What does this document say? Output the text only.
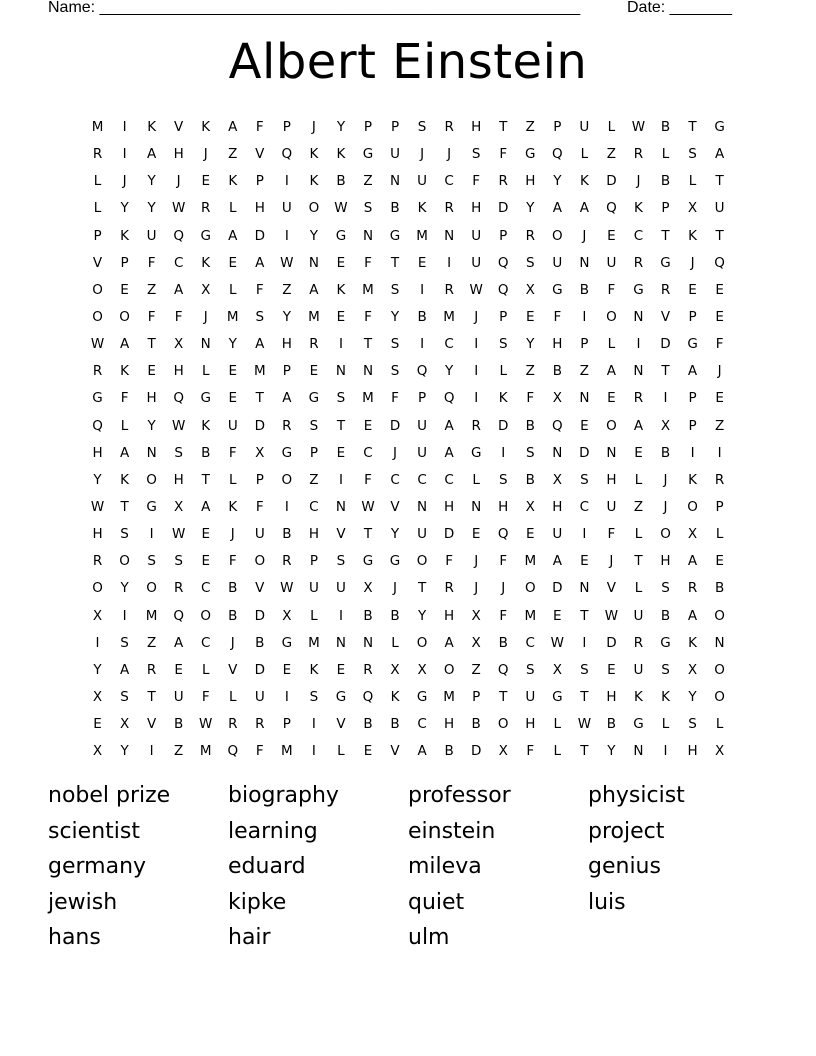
Name: ______________________________________________________	Date: _______
Albert Einstein
M	I	K	V	K	A	F	P	J	Y	P	P	S	R	H	T	Z	P	U	L	W	B	T	G
R	I	A	H	J	Z	V	Q	K	K	G	U	J	J	S	F	G	Q	L	Z	R	L	S	A
L	J	Y	J	E	K	P	I	K	B	Z	N	U	C	F	R	H	Y	K	D	J	B	L	T
L	Y	Y	W	R	L	H	U	O	W	S	B	K	R	H	D	Y	A	A	Q	K	P	X	U
P	K	U	Q	G	A	D	I	Y	G	N	G	M	N	U	P	R	O	J	E	C	T	K	T
V	P	F	C	K	E	A	W	N	E	F	T	E	I	U	Q	S	U	N	U	R	G	J	Q
O	E	Z	A	X	L	F	Z	A	K	M	S	I	R	W	Q	X	G	B	F	G	R	E	E
O	O	F	F	J	M	S	Y	M	E	F	Y	B	M	J	P	E	F	I	O	N	V	P	E
W	A	T	X	N	Y	A	H	R	I	T	S	I	C	I	S	Y	H	P	L	I	D	G	F
R	K	E	H	L	E	M	P	E	N	N	S	Q	Y	I	L	Z	B	Z	A	N	T	A	J
G	F	H	Q	G	E	T	A	G	S	M	F	P	Q	I	K	F	X	N	E	R	I	P	E
Q	L	Y	W	K	U	D	R	S	T	E	D	U	A	R	D	B	Q	E	O	A	X	P	Z
H	A	N	S	B	F	X	G	P	E	C	J	U	A	G	I	S	N	D	N	E	B	I	I
Y	K	O	H	T	L	P	O	Z	I	F	C	C	C	L	S	B	X	S	H	L	J	K	R
W	T	G	X	A	K	F	I	C	N	W	V	N	H	N	H	X	H	C	U	Z	J	O	P
H	S	I	W	E	J	U	B	H	V	T	Y	U	D	E	Q	E	U	I	F	L	O	X	L
R	O	S	S	E	F	O	R	P	S	G	G	O	F	J	F	M	A	E	J	T	H	A	E
O	Y	O	R	C	B	V	W	U	U	X	J	T	R	J	J	O	D	N	V	L	S	R	B
X	I	M	Q	O	B	D	X	L	I	B	B	Y	H	X	F	M	E	T	W	U	B	A	O
I	S	Z	A	C	J	B	G	M	N	N	L	O	A	X	B	C	W	I	D	R	G	K	N
Y	A	R	E	L	V	D	E	K	E	R	X	X	O	Z	Q	S	X	S	E	U	S	X	O
X	S	T	U	F	L	U	I	S	G	Q	K	G	M	P	T	U	G	T	H	K	K	Y	O
E	X	V	B	W	R	R	P	I	V	B	B	C	H	B	O	H	L	W	B	G	L	S	L
X	Y	I	Z	M	Q	F	M	I	L	E	V	A	B	D	X	F	L	T	Y	N	I	H	X
nobel prize	biography	professor	physicist
scientist	learning	einstein	project
germany	eduard	mileva	genius
jewish	kipke	quiet	luis
hans	hair	ulm
